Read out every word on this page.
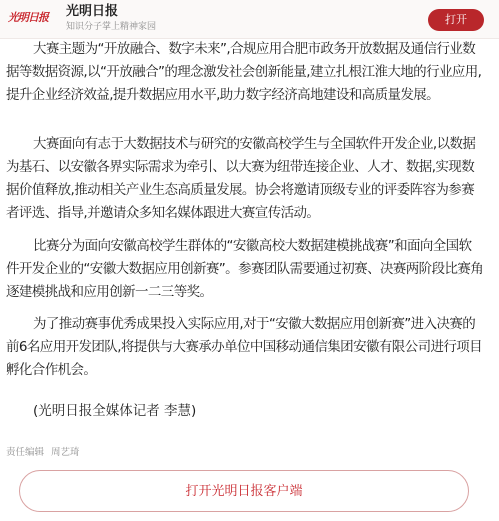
光明日报	光明日报
知识分子掌上精神家园
打开

大赛主题为“开放融合、数字未来”,合规应用合肥市政务开放数据及通信行业数据等数据资源,以“开放融合”的理念激发社会创新能量,建立扎根江淮大地的行业应用,提升企业经济效益,提升数据应用水平,助力数字经济高地建设和高质量发展。

大赛面向有志于大数据技术与研究的安徽高校学生与全国软件开发企业,以数据为基石、以安徽各界实际需求为牵引、以大赛为纽带连接企业、人才、数据,实现数据价值释放,推动相关产业生态高质量发展。协会将邀请顶级专业的评委阵容为参赛者评选、指导,并邀请众多知名媒体跟进大赛宣传活动。

比赛分为面向安徽高校学生群体的“安徽高校大数据建模挑战赛”和面向全国软件开发企业的“安徽大数据应用创新赛”。参赛团队需要通过初赛、决赛两阶段比赛角逐建模挑战和应用创新一二三等奖。

为了推动赛事优秀成果投入实际应用,对于“安徽大数据应用创新赛”进入决赛的前6名应用开发团队,将提供与大赛承办单位中国移动通信集团安徽有限公司进行项目孵化合作机会。

(光明日报全媒体记者 李慧)

责任编辑 周艺琦
打开光明日报客户端
